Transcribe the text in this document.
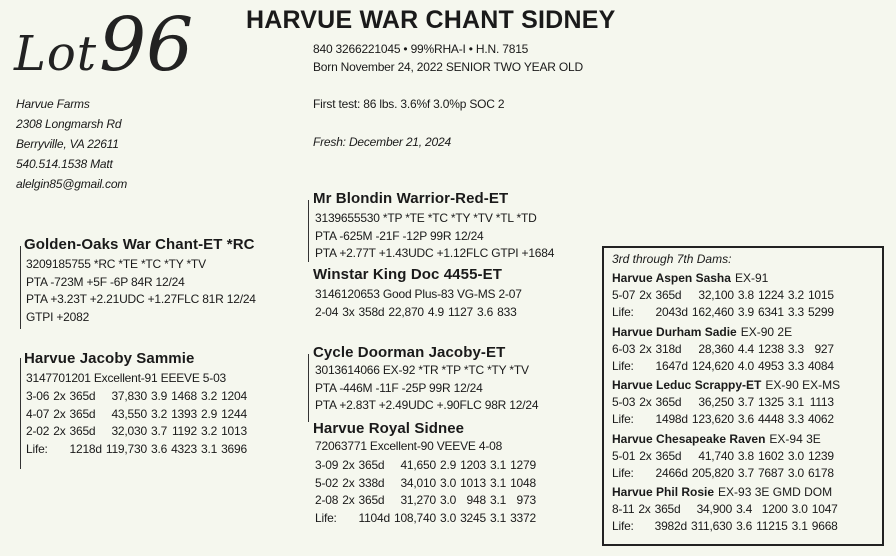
Lot96 HARVUE WAR CHANT SIDNEY
840 3266221045 • 99%RHA-I • H.N. 7815
Born November 24, 2022 SENIOR TWO YEAR OLD
First test: 86 lbs. 3.6%f 3.0%p SOC 2
Fresh: December 21, 2024
Harvue Farms
2308 Longmarsh Rd
Berryville, VA 22611
540.514.1538 Matt
alelgin85@gmail.com
Mr Blondin Warrior-Red-ET
3139655530 *TP *TE *TC *TY *TV *TL *TD
PTA -625M -21F -12P 99R 12/24
PTA +2.77T +1.43UDC +1.12FLC GTPI +1684
Golden-Oaks War Chant-ET *RC
3209185755 *RC *TE *TC *TY *TV
PTA -723M +5F -6P 84R 12/24
PTA +3.23T +2.21UDC +1.27FLC 81R 12/24
GTPI +2082
Winstar King Doc 4455-ET
3146120653 Good Plus-83 VG-MS 2-07
2-04	3x	358d	22,870	4.9	1127	3.6	833
Cycle Doorman Jacoby-ET
3013614066 EX-92 *TR *TP *TC *TY *TV
PTA -446M -11F -25P 99R 12/24
PTA +2.83T +2.49UDC +.90FLC 98R 12/24
Harvue Jacoby Sammie
3147701201 Excellent-91 EEEVE 5-03
3-06	2x	365d	37,830	3.9	1468	3.2	1204
4-07	2x	365d	43,550	3.2	1393	2.9	1244
2-02	2x	365d	32,030	3.7	1192	3.2	1013
Life:		1218d	119,730	3.6	4323	3.1	3696
Harvue Royal Sidnee
72063771 Excellent-90 VEEVE 4-08
3-09	2x	365d	41,650	2.9	1203	3.1	1279
5-02	2x	338d	34,010	3.0	1013	3.1	1048
2-08	2x	365d	31,270	3.0	948	3.1	973
Life:		1104d	108,740	3.0	3245	3.1	3372
3rd through 7th Dams:
Harvue Aspen Sasha EX-91
5-07	2x	365d	32,100	3.8	1224	3.2	1015
Life:		2043d	162,460	3.9	6341	3.3	5299
Harvue Durham Sadie EX-90 2E
6-03	2x	318d	28,360	4.4	1238	3.3	927
Life:		1647d	124,620	4.0	4953	3.3	4084
Harvue Leduc Scrappy-ET EX-90 EX-MS
5-03	2x	365d	36,250	3.7	1325	3.1	1113
Life:		1498d	123,620	3.6	4448	3.3	4062
Harvue Chesapeake Raven EX-94 3E
5-01	2x	365d	41,740	3.8	1602	3.0	1239
Life:		2466d	205,820	3.7	7687	3.0	6178
Harvue Phil Rosie EX-93 3E GMD DOM
8-11	2x	365d	34,900	3.4	1200	3.0	1047
Life:		3982d	311,630	3.6	11215	3.1	9668
